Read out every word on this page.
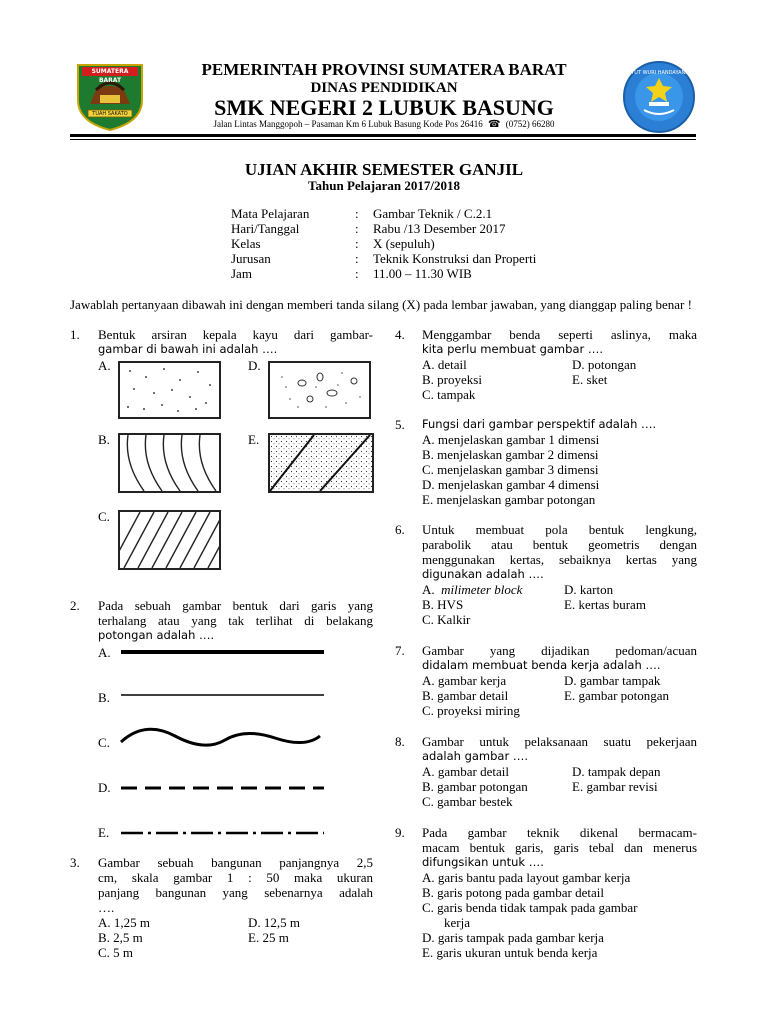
SUMATERA BARAT
TUAH SAKATO
TUT WURI HANDAYANI
PEMERINTAH PROVINSI SUMATERA BARAT
DINAS PENDIDIKAN
SMK NEGERI 2 LUBUK BASUNG
Jalan Lintas Manggopoh – Pasaman Km 6 Lubuk Basung Kode Pos 26416 ☎ (0752) 66280
UJIAN AKHIR SEMESTER GANJIL
Tahun Pelajaran 2017/2018
Mata Pelajaran	: Gambar Teknik / C.2.1
Hari/Tanggal	: Rabu /13 Desember 2017
Kelas	: X (sepuluh)
Jurusan	: Teknik Konstruksi dan Properti
Jam	: 11.00 – 11.30 WIB
Jawablah pertanyaan dibawah ini dengan memberi tanda silang (X) pada lembar jawaban, yang dianggap paling benar !
1. Bentuk arsiran kepala kayu dari gambar-
gambar di bawah ini adalah ….
A.	D.
B.	E.
C.
2. Pada sebuah gambar bentuk dari garis yang
terhalang atau yang tak terlihat di belakang
potongan adalah ….
A.
B.
C.
D.
E.
3. Gambar sebuah bangunan panjangnya 2,5
cm, skala gambar 1 : 50 maka ukuran
panjang bangunan yang sebenarnya adalah
….
A. 1,25 m	D. 12,5 m
B. 2,5 m	E. 25 m
C. 5 m
4. Menggambar benda seperti aslinya, maka
kita perlu membuat gambar ….
A. detail	D. potongan
B. proyeksi	E. sket
C. tampak
5. Fungsi dari gambar perspektif adalah ….
A. menjelaskan gambar 1 dimensi
B. menjelaskan gambar 2 dimensi
C. menjelaskan gambar 3 dimensi
D. menjelaskan gambar 4 dimensi
E. menjelaskan gambar potongan
6. Untuk membuat pola bentuk lengkung,
parabolik atau bentuk geometris dengan
menggunakan kertas, sebaiknya kertas yang
digunakan adalah ….
A. milimeter block	D. karton
B. HVS	E. kertas buram
C. Kalkir
7. Gambar yang dijadikan pedoman/acuan
didalam membuat benda kerja adalah ….
A. gambar kerja	D. gambar tampak
B. gambar detail	E. gambar potongan
C. proyeksi miring
8. Gambar untuk pelaksanaan suatu pekerjaan
adalah gambar ….
A. gambar detail	D. tampak depan
B. gambar potongan	E. gambar revisi
C. gambar bestek
9. Pada gambar teknik dikenal bermacam-
macam bentuk garis, garis tebal dan menerus
difungsikan untuk ….
A. garis bantu pada layout gambar kerja
B. garis potong pada gambar detail
C. garis benda tidak tampak pada gambar
kerja
D. garis tampak pada gambar kerja
E. garis ukuran untuk benda kerja
